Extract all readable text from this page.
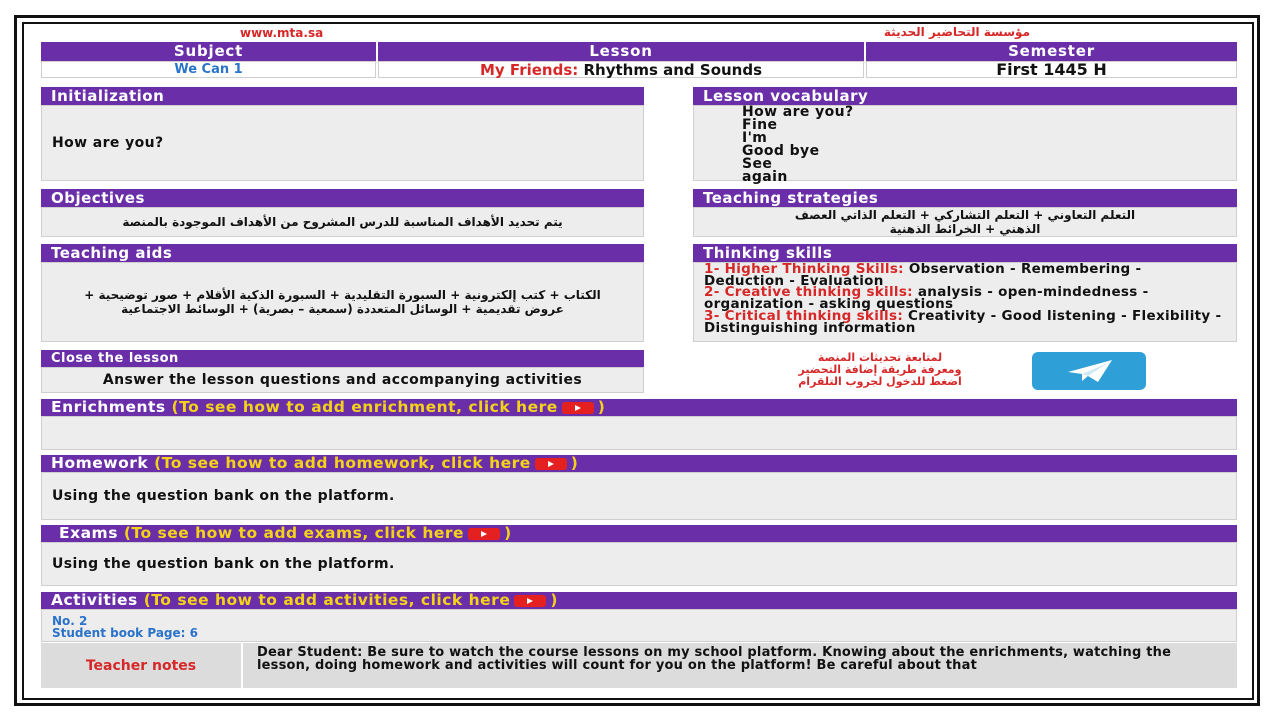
www.mta.sa	مؤسسة التحاضير الحديثة
Subject	Lesson	Semester
We Can 1	My Friends: Rhythms and Sounds	First 1445 H
Initialization
How are you?
Lesson vocabulary
How are you?
Fine
I'm
Good bye
See
again
Objectives
يتم تحديد الأهداف المناسبة للدرس المشروح من الأهداف الموجودة بالمنصة
Teaching strategies
التعلم التعاوني + التعلم التشاركي + التعلم الذاتي العصف الذهني + الخرائط الذهنية
Teaching aids
الكتاب + كتب إلكترونية + السبورة التقليدية + السبورة الذكية الأقلام + صور توضيحية + عروض تقديمية + الوسائل المتعددة (سمعية – بصرية) + الوسائط الاجتماعية
Thinking skills
1- Higher Thinking Skills: Observation - Remembering - Deduction - Evaluation
2- Creative thinking skills: analysis - open-mindedness - organization - asking questions
3- Critical thinking skills: Creativity - Good listening - Flexibility - Distinguishing information
Close the lesson
Answer the lesson questions and accompanying activities
لمتابعة تحديثات المنصة
ومعرفة طريقة إضافة التحضير
اضغط للدخول لجروب التلقرام
Enrichments (To see how to add enrichment, click here	)
Homework (To see how to add homework, click here	)
Using the question bank on the platform.
Exams (To see how to add exams, click here	)
Using the question bank on the platform.
Activities (To see how to add activities, click here	)
No. 2
Student book Page: 6
Teacher notes
Dear Student: Be sure to watch the course lessons on my school platform. Knowing about the enrichments, watching the lesson, doing homework and activities will count for you on the platform! Be careful about that
